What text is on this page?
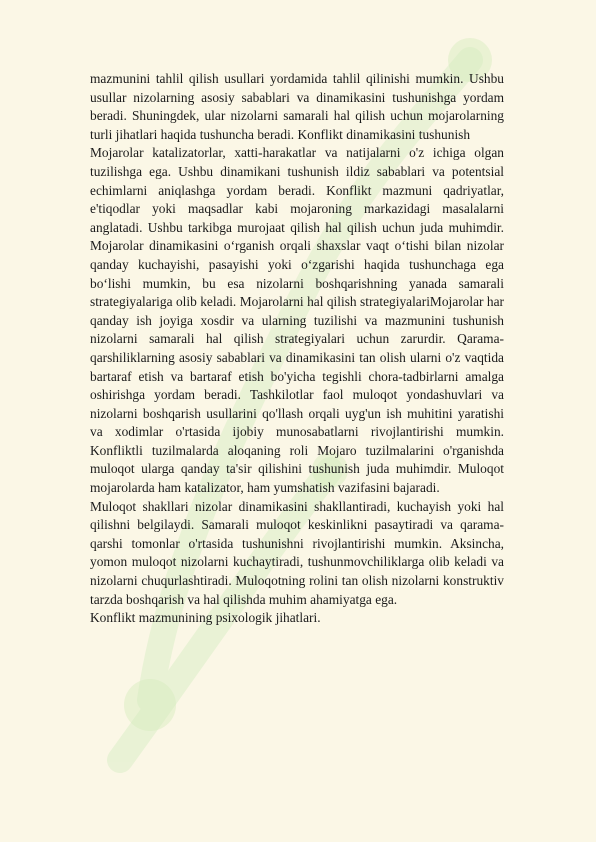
mazmunini tahlil qilish usullari yordamida tahlil qilinishi mumkin. Ushbu usullar nizolarning asosiy sabablari va dinamikasini tushunishga yordam beradi. Shuningdek, ular nizolarni samarali hal qilish uchun mojarolarning turli jihatlari haqida tushuncha beradi. Konflikt dinamikasini tushunish

Mojarolar katalizatorlar, xatti-harakatlar va natijalarni o'z ichiga olgan tuzilishga ega. Ushbu dinamikani tushunish ildiz sabablari va potentsial echimlarni aniqlashga yordam beradi. Konflikt mazmuni qadriyatlar, e'tiqodlar yoki maqsadlar kabi mojaroning markazidagi masalalarni anglatadi. Ushbu tarkibga murojaat qilish hal qilish uchun juda muhimdir. Mojarolar dinamikasini o‘rganish orqali shaxslar vaqt o‘tishi bilan nizolar qanday kuchayishi, pasayishi yoki o‘zgarishi haqida tushunchaga ega bo‘lishi mumkin, bu esa nizolarni boshqarishning yanada samarali strategiyalariga olib keladi. Mojarolarni hal qilish strategiyalariMojarolar har qanday ish joyiga xosdir va ularning tuzilishi va mazmunini tushunish nizolarni samarali hal qilish strategiyalari uchun zarurdir. Qarama-qarshiliklarning asosiy sabablari va dinamikasini tan olish ularni o'z vaqtida bartaraf etish va bartaraf etish bo'yicha tegishli chora-tadbirlarni amalga oshirishga yordam beradi. Tashkilotlar faol muloqot yondashuvlari va nizolarni boshqarish usullarini qo'llash orqali uyg'un ish muhitini yaratishi va xodimlar o'rtasida ijobiy munosabatlarni rivojlantirishi mumkin. Konfliktli tuzilmalarda aloqaning roli Mojaro tuzilmalarini o'rganishda muloqot ularga qanday ta'sir qilishini tushunish juda muhimdir. Muloqot mojarolarda ham katalizator, ham yumshatish vazifasini bajaradi.

Muloqot shakllari nizolar dinamikasini shakllantiradi, kuchayish yoki hal qilishni belgilaydi. Samarali muloqot keskinlikni pasaytiradi va qarama-qarshi tomonlar o'rtasida tushunishni rivojlantirishi mumkin. Aksincha, yomon muloqot nizolarni kuchaytiradi, tushunmovchiliklarga olib keladi va nizolarni chuqurlashtiradi. Muloqotning rolini tan olish nizolarni konstruktiv tarzda boshqarish va hal qilishda muhim ahamiyatga ega.

Konflikt mazmunining psixologik jihatlari.
